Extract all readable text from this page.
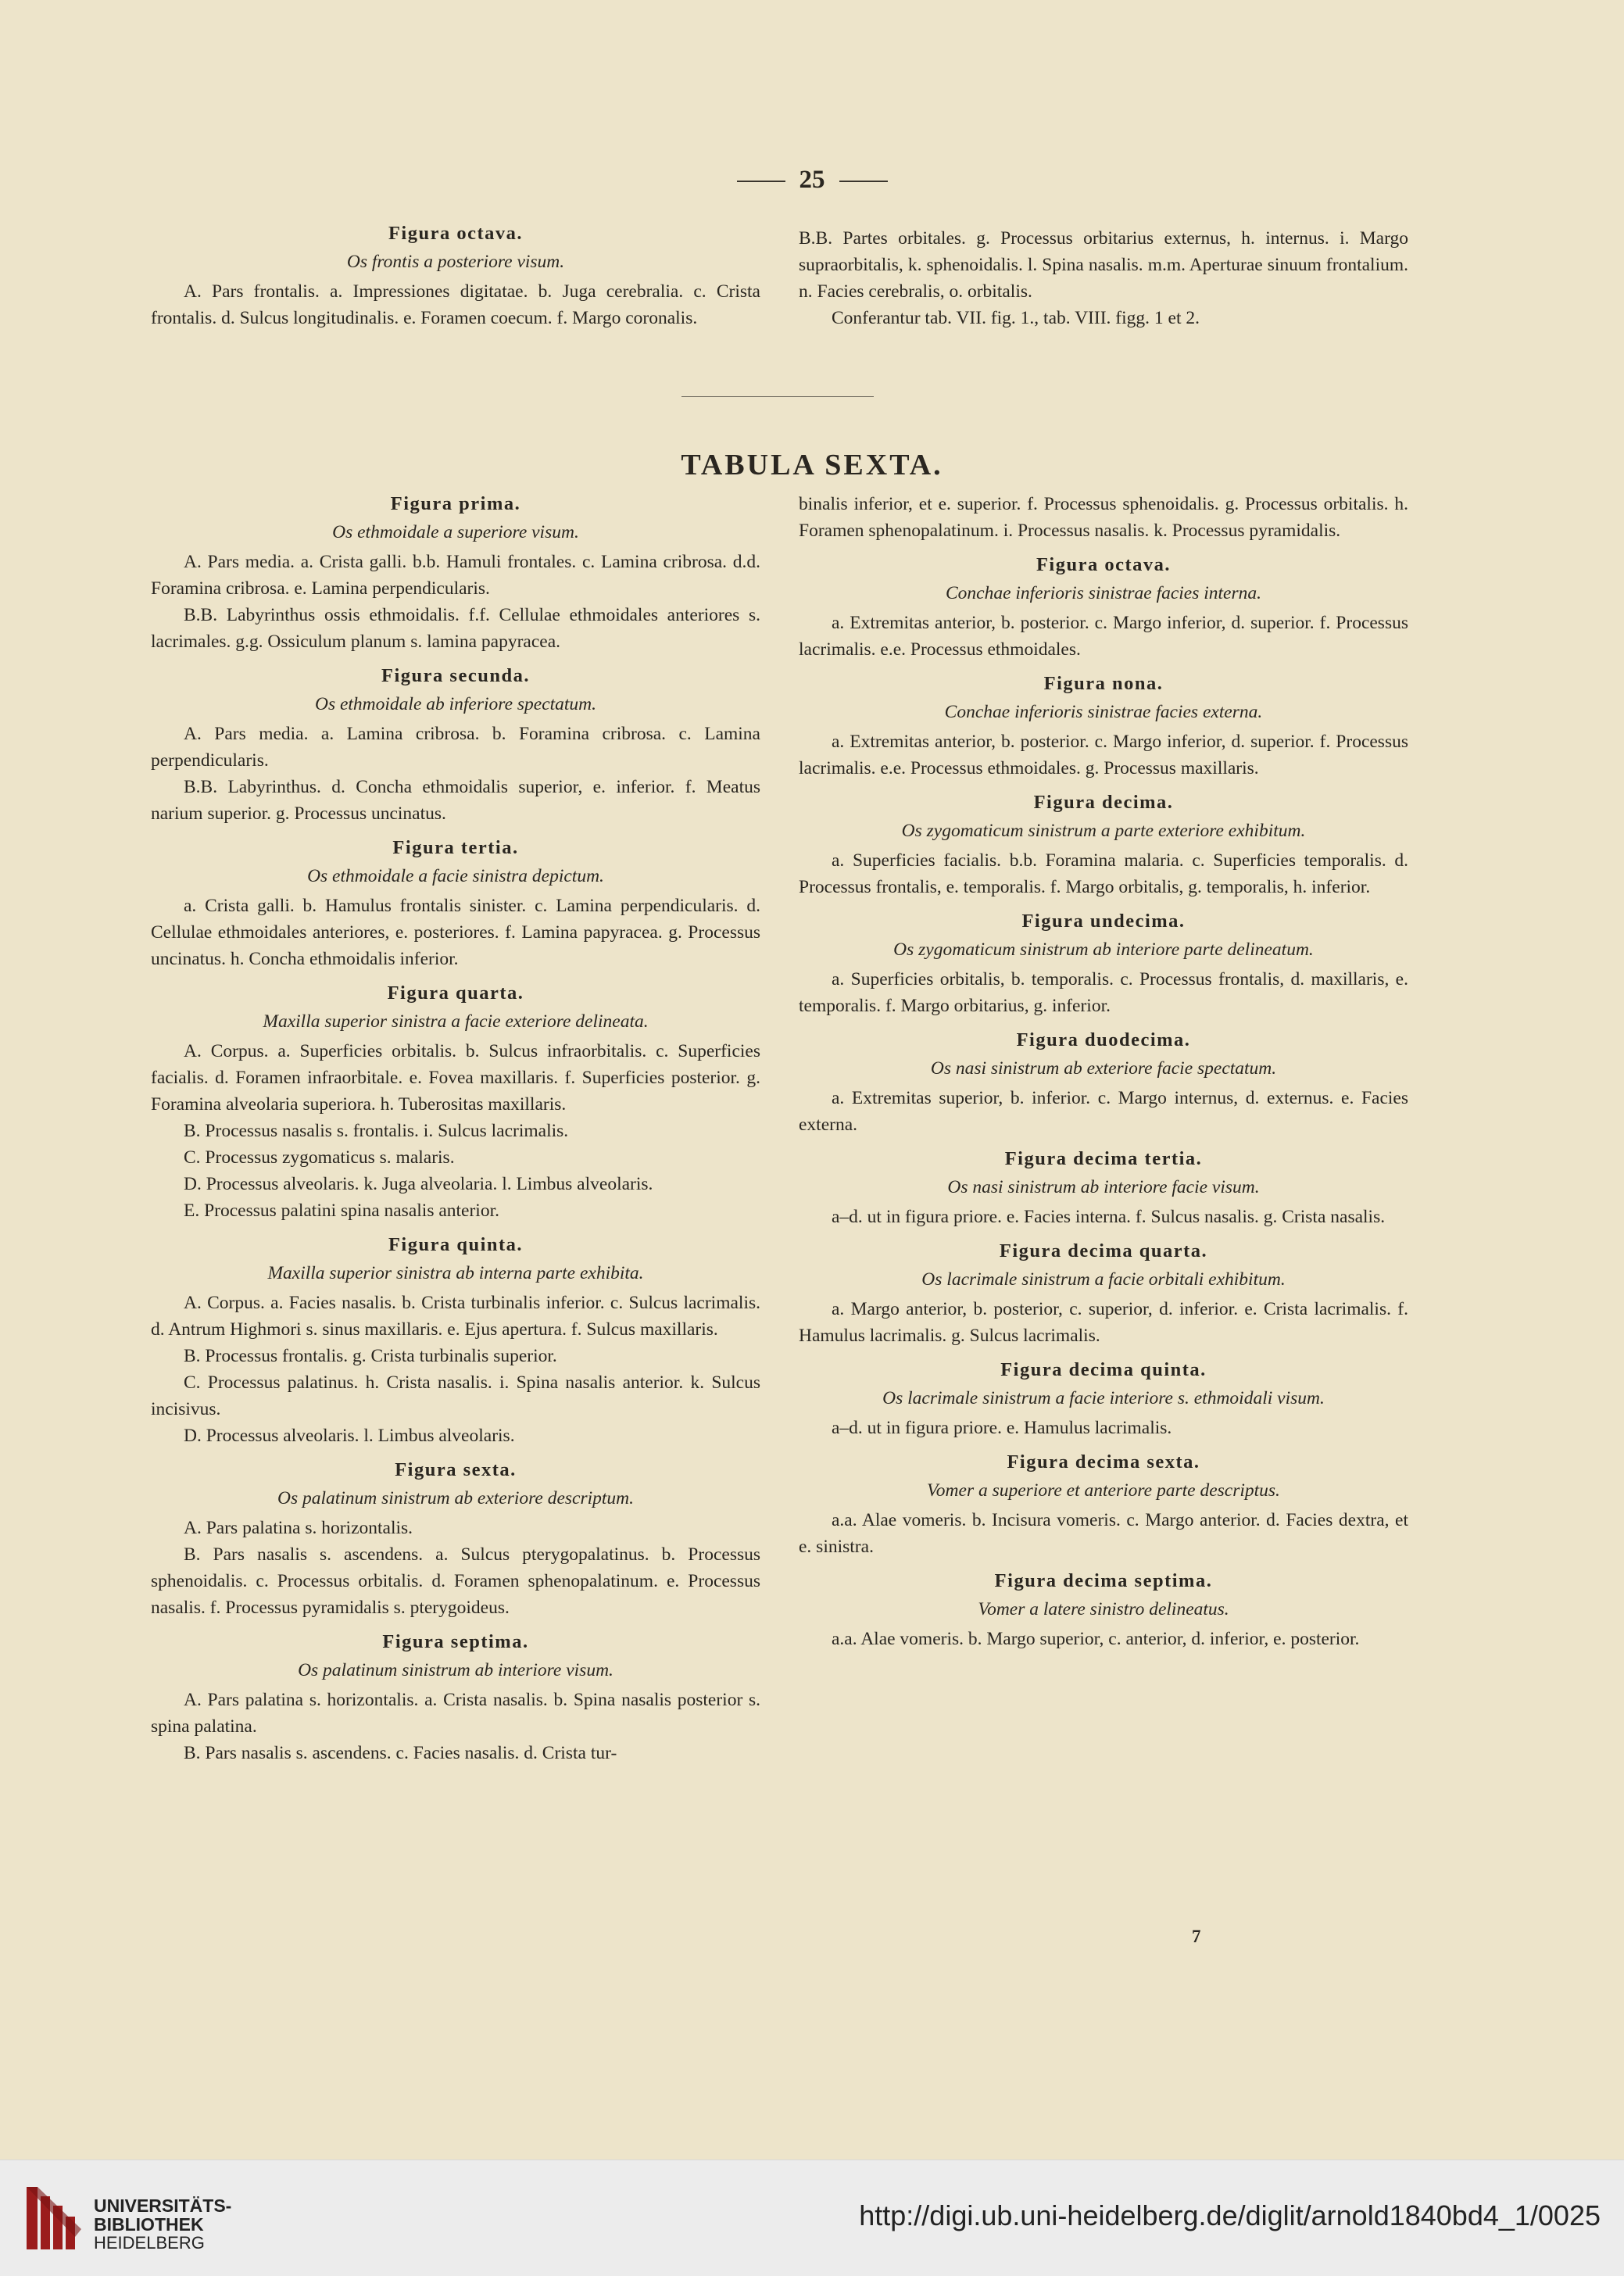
25
Figura octava.
Os frontis a posteriore visum.

A. Pars frontalis. a. Impressiones digitatae. b. Juga cerebralia. c. Crista frontalis. d. Sulcus longitudinalis. e. Foramen coecum. f. Margo coronalis.

B.B. Partes orbitales. g. Processus orbitarius externus, h. internus. i. Margo supraorbitalis, k. sphenoidalis. l. Spina nasalis. m.m. Aperturae sinuum frontalium. n. Facies cerebralis, o. orbitalis.

Conferantur tab. VII. fig. 1., tab. VIII. figg. 1 et 2.

TABULA SEXTA.
Figura prima.
Os ethmoidale a superiore visum.

A. Pars media. a. Crista galli. b.b. Hamuli frontales. c. Lamina cribrosa. d.d. Foramina cribrosa. e. Lamina perpendicularis.

B.B. Labyrinthus ossis ethmoidalis. f.f. Cellulae ethmoidales anteriores s. lacrimales. g.g. Ossiculum planum s. lamina papyracea.

Figura secunda.
Os ethmoidale ab inferiore spectatum.

A. Pars media. a. Lamina cribrosa. b. Foramina cribrosa. c. Lamina perpendicularis.

B.B. Labyrinthus. d. Concha ethmoidalis superior, e. inferior. f. Meatus narium superior. g. Processus uncinatus.

Figura tertia.
Os ethmoidale a facie sinistra depictum.

a. Crista galli. b. Hamulus frontalis sinister. c. Lamina perpendicularis. d. Cellulae ethmoidales anteriores, e. posteriores. f. Lamina papyracea. g. Processus uncinatus. h. Concha ethmoidalis inferior.

Figura quarta.
Maxilla superior sinistra a facie exteriore delineata.

A. Corpus. a. Superficies orbitalis. b. Sulcus infraorbitalis. c. Superficies facialis. d. Foramen infraorbitale. e. Fovea maxillaris. f. Superficies posterior. g. Foramina alveolaria superiora. h. Tuberositas maxillaris.

B. Processus nasalis s. frontalis. i. Sulcus lacrimalis.

C. Processus zygomaticus s. malaris.

D. Processus alveolaris. k. Juga alveolaria. l. Limbus alveolaris.

E. Processus palatini spina nasalis anterior.

Figura quinta.
Maxilla superior sinistra ab interna parte exhibita.

A. Corpus. a. Facies nasalis. b. Crista turbinalis inferior. c. Sulcus lacrimalis. d. Antrum Highmori s. sinus maxillaris. e. Ejus apertura. f. Sulcus maxillaris.

B. Processus frontalis. g. Crista turbinalis superior.

C. Processus palatinus. h. Crista nasalis. i. Spina nasalis anterior. k. Sulcus incisivus.

D. Processus alveolaris. l. Limbus alveolaris.

Figura sexta.
Os palatinum sinistrum ab exteriore descriptum.

A. Pars palatina s. horizontalis.

B. Pars nasalis s. ascendens. a. Sulcus pterygopalatinus. b. Processus sphenoidalis. c. Processus orbitalis. d. Foramen sphenopalatinum. e. Processus nasalis. f. Processus pyramidalis s. pterygoideus.

Figura septima.
Os palatinum sinistrum ab interiore visum.

A. Pars palatina s. horizontalis. a. Crista nasalis. b. Spina nasalis posterior s. spina palatina.

B. Pars nasalis s. ascendens. c. Facies nasalis. d. Crista tur-

binalis inferior, et e. superior. f. Processus sphenoidalis. g. Processus orbitalis. h. Foramen sphenopalatinum. i. Processus nasalis. k. Processus pyramidalis.

Figura octava.
Conchae inferioris sinistrae facies interna.

a. Extremitas anterior, b. posterior. c. Margo inferior, d. superior. f. Processus lacrimalis. e.e. Processus ethmoidales.

Figura nona.
Conchae inferioris sinistrae facies externa.

a. Extremitas anterior, b. posterior. c. Margo inferior, d. superior. f. Processus lacrimalis. e.e. Processus ethmoidales. g. Processus maxillaris.

Figura decima.
Os zygomaticum sinistrum a parte exteriore exhibitum.

a. Superficies facialis. b.b. Foramina malaria. c. Superficies temporalis. d. Processus frontalis, e. temporalis. f. Margo orbitalis, g. temporalis, h. inferior.

Figura undecima.
Os zygomaticum sinistrum ab interiore parte delineatum.

a. Superficies orbitalis, b. temporalis. c. Processus frontalis, d. maxillaris, e. temporalis. f. Margo orbitarius, g. inferior.

Figura duodecima.
Os nasi sinistrum ab exteriore facie spectatum.

a. Extremitas superior, b. inferior. c. Margo internus, d. externus. e. Facies externa.

Figura decima tertia.
Os nasi sinistrum ab interiore facie visum.

a–d. ut in figura priore. e. Facies interna. f. Sulcus nasalis. g. Crista nasalis.

Figura decima quarta.
Os lacrimale sinistrum a facie orbitali exhibitum.

a. Margo anterior, b. posterior, c. superior, d. inferior. e. Crista lacrimalis. f. Hamulus lacrimalis. g. Sulcus lacrimalis.

Figura decima quinta.
Os lacrimale sinistrum a facie interiore s. ethmoidali visum.

a–d. ut in figura priore. e. Hamulus lacrimalis.

Figura decima sexta.
Vomer a superiore et anteriore parte descriptus.

a.a. Alae vomeris. b. Incisura vomeris. c. Margo anterior. d. Facies dextra, et e. sinistra.

Figura decima septima.
Vomer a latere sinistro delineatus.

a.a. Alae vomeris. b. Margo superior, c. anterior, d. inferior, e. posterior.

7
UNIVERSITÄTS-
BIBLIOTHEK
HEIDELBERG
http://digi.ub.uni-heidelberg.de/diglit/arnold1840bd4_1/0025
